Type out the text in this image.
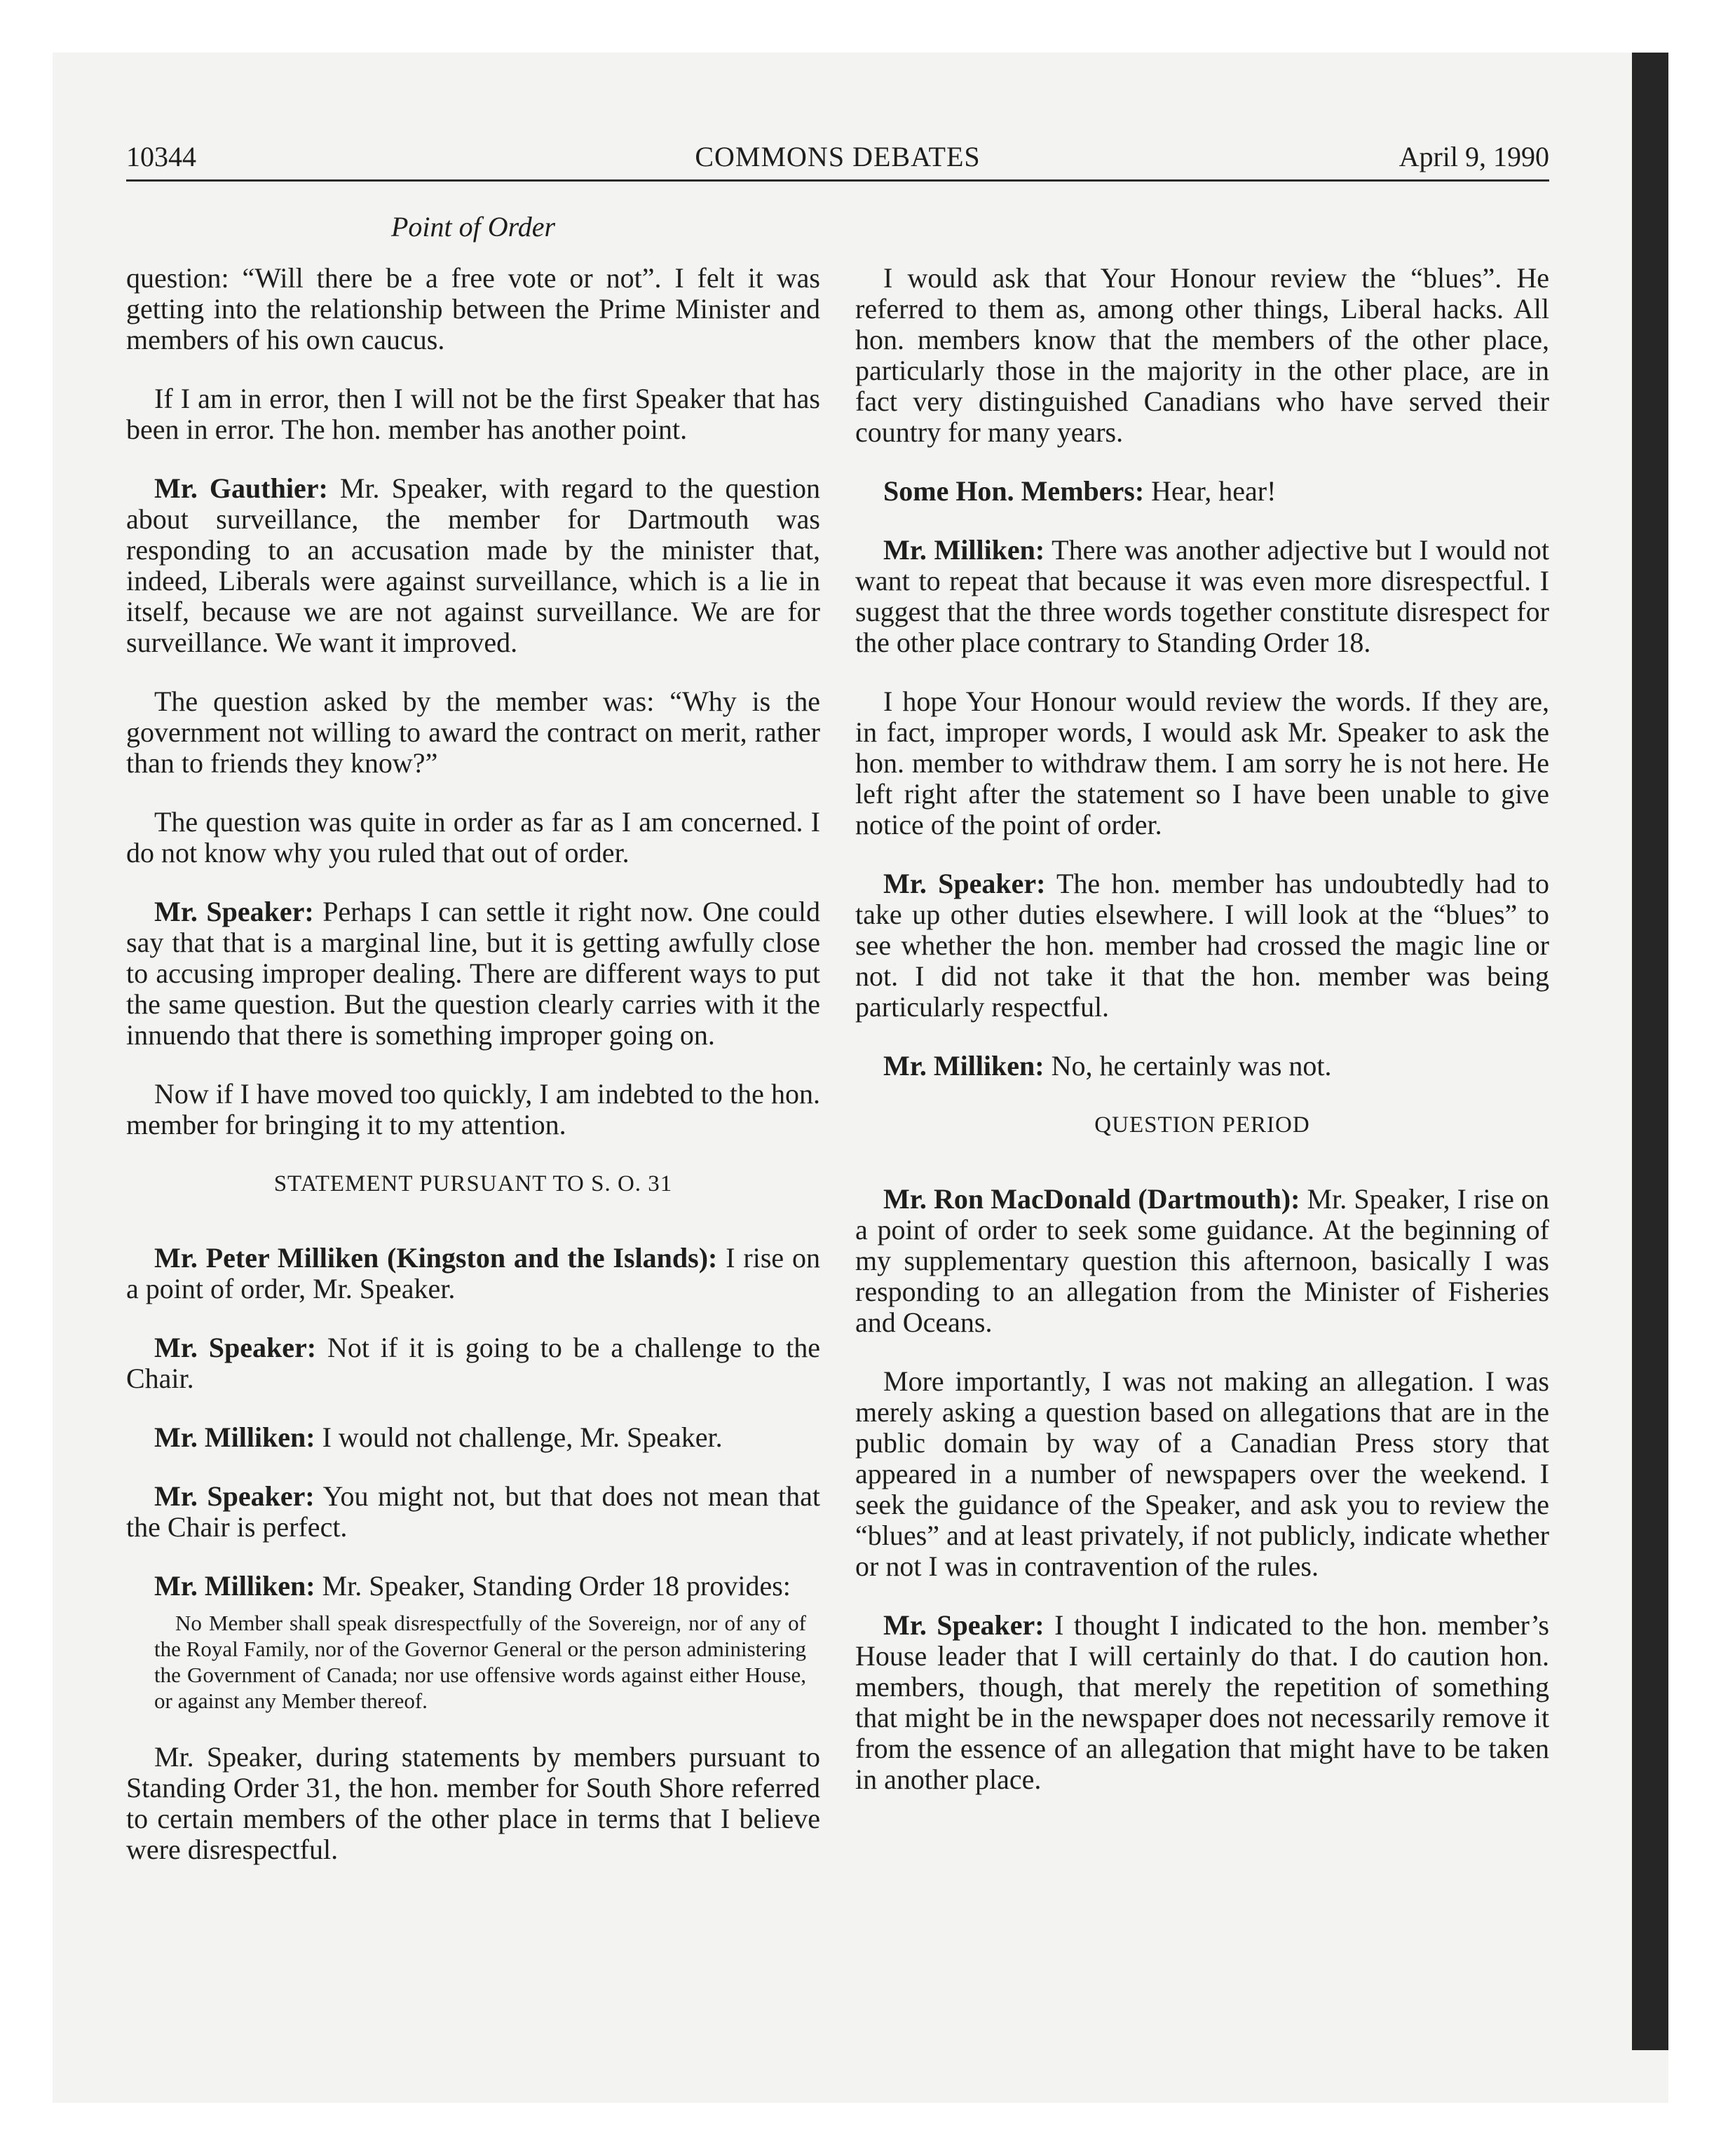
10344	COMMONS DEBATES	April 9, 1990
Point of Order

question: “Will there be a free vote or not”. I felt it was getting into the relationship between the Prime Minister and members of his own caucus.

If I am in error, then I will not be the first Speaker that has been in error. The hon. member has another point.

Mr. Gauthier: Mr. Speaker, with regard to the question about surveillance, the member for Dartmouth was responding to an accusation made by the minister that, indeed, Liberals were against surveillance, which is a lie in itself, because we are not against surveillance. We are for surveillance. We want it improved.

The question asked by the member was: “Why is the government not willing to award the contract on merit, rather than to friends they know?”

The question was quite in order as far as I am concerned. I do not know why you ruled that out of order.

Mr. Speaker: Perhaps I can settle it right now. One could say that that is a marginal line, but it is getting awfully close to accusing improper dealing. There are different ways to put the same question. But the question clearly carries with it the innuendo that there is something improper going on.

Now if I have moved too quickly, I am indebted to the hon. member for bringing it to my attention.

STATEMENT PURSUANT TO S. O. 31

Mr. Peter Milliken (Kingston and the Islands): I rise on a point of order, Mr. Speaker.

Mr. Speaker: Not if it is going to be a challenge to the Chair.

Mr. Milliken: I would not challenge, Mr. Speaker.

Mr. Speaker: You might not, but that does not mean that the Chair is perfect.

Mr. Milliken: Mr. Speaker, Standing Order 18 provides:

No Member shall speak disrespectfully of the Sovereign, nor of any of the Royal Family, nor of the Governor General or the person administering the Government of Canada; nor use offensive words against either House, or against any Member thereof.

Mr. Speaker, during statements by members pursuant to Standing Order 31, the hon. member for South Shore referred to certain members of the other place in terms that I believe were disrespectful.

I would ask that Your Honour review the “blues”. He referred to them as, among other things, Liberal hacks. All hon. members know that the members of the other place, particularly those in the majority in the other place, are in fact very distinguished Canadians who have served their country for many years.

Some Hon. Members: Hear, hear!

Mr. Milliken: There was another adjective but I would not want to repeat that because it was even more disrespectful. I suggest that the three words together constitute disrespect for the other place contrary to Standing Order 18.

I hope Your Honour would review the words. If they are, in fact, improper words, I would ask Mr. Speaker to ask the hon. member to withdraw them. I am sorry he is not here. He left right after the statement so I have been unable to give notice of the point of order.

Mr. Speaker: The hon. member has undoubtedly had to take up other duties elsewhere. I will look at the “blues” to see whether the hon. member had crossed the magic line or not. I did not take it that the hon. member was being particularly respectful.

Mr. Milliken: No, he certainly was not.

QUESTION PERIOD

Mr. Ron MacDonald (Dartmouth): Mr. Speaker, I rise on a point of order to seek some guidance. At the beginning of my supplementary question this afternoon, basically I was responding to an allegation from the Minister of Fisheries and Oceans.

More importantly, I was not making an allegation. I was merely asking a question based on allegations that are in the public domain by way of a Canadian Press story that appeared in a number of newspapers over the weekend. I seek the guidance of the Speaker, and ask you to review the “blues” and at least privately, if not publicly, indicate whether or not I was in contravention of the rules.

Mr. Speaker: I thought I indicated to the hon. member’s House leader that I will certainly do that. I do caution hon. members, though, that merely the repetition of something that might be in the newspaper does not necessarily remove it from the essence of an allegation that might have to be taken in another place.
